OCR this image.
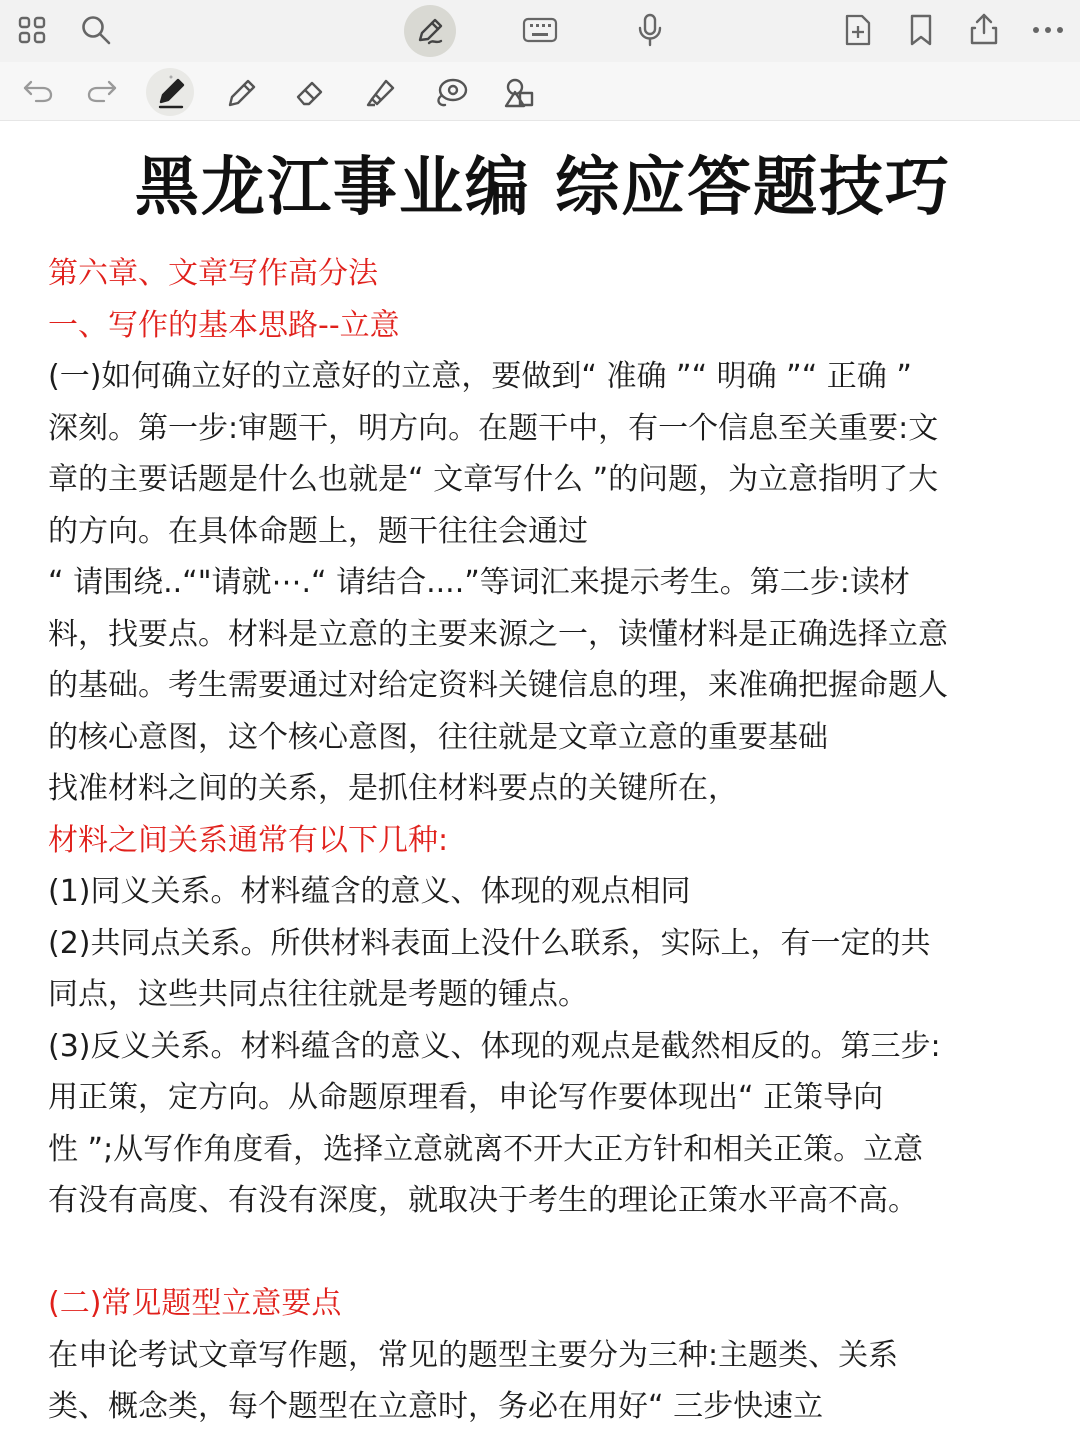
黑龙江事业编 综应答题技巧
第六章、文章写作高分法
一、写作的基本思路--立意
(一)如何确立好的立意好的立意，要做到“ 准确 ”“ 明确 ”“ 正确 ”
深刻。第一步:审题干，明方向。在题干中，有一个信息至关重要:文
章的主要话题是什么也就是“ 文章写什么 ”的问题，为立意指明了大
的方向。在具体命题上，题干往往会通过
“ 请围绕..“"请就⋯.“ 请结合....”等词汇来提示考生。第二步:读材
料，找要点。材料是立意的主要来源之一，读懂材料是正确选择立意
的基础。考生需要通过对给定资料关键信息的理，来准确把握命题人
的核心意图，这个核心意图，往往就是文章立意的重要基础
找准材料之间的关系，是抓住材料要点的关键所在，
材料之间关系通常有以下几种:
(1)同义关系。材料蕴含的意义、体现的观点相同
(2)共同点关系。所供材料表面上没什么联系，实际上，有一定的共
同点，这些共同点往往就是考题的锺点。
(3)反义关系。材料蕴含的意义、体现的观点是截然相反的。第三步:
用正策，定方向。从命题原理看，申论写作要体现出“ 正策导向
性 ”;从写作角度看，选择立意就离不开大正方针和相关正策。立意
有没有高度、有没有深度，就取决于考生的理论正策水平高不高。
(二)常见题型立意要点
在申论考试文章写作题，常见的题型主要分为三种:主题类、关系
类、概念类，每个题型在立意时，务必在用好“ 三步快速立
